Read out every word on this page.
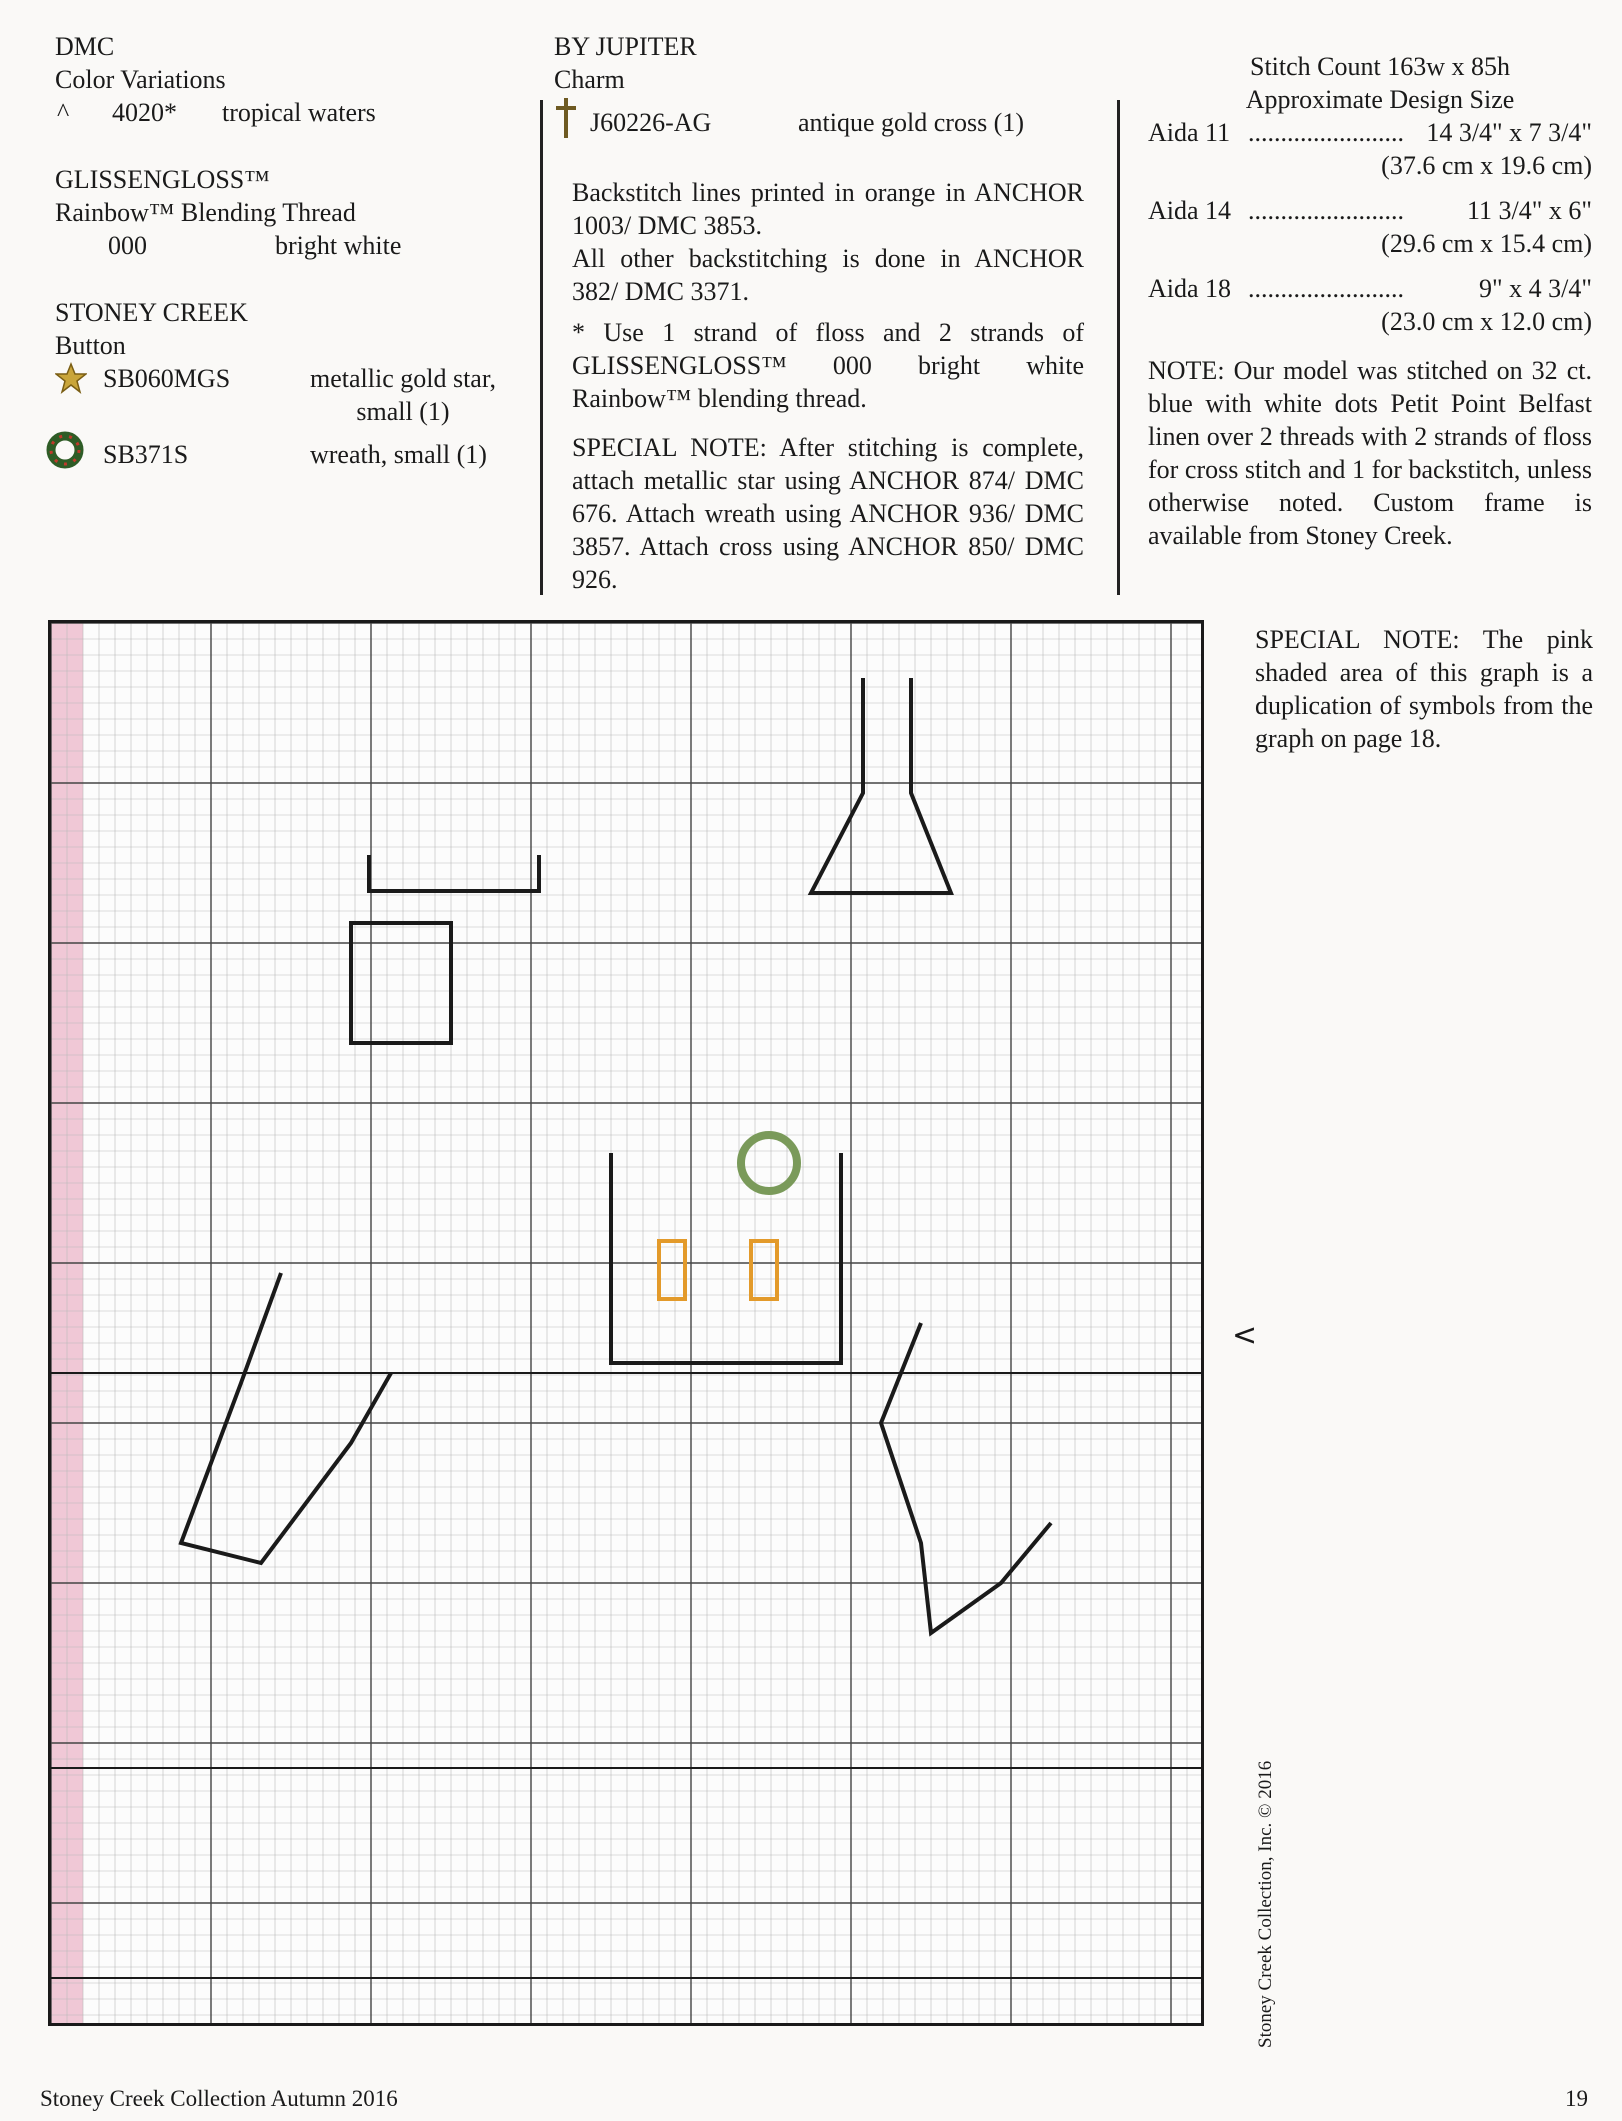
DMC
Color Variations
^	4020*	tropical waters
GLISSENGLOSS™
Rainbow™ Blending Thread
000	bright white
STONEY CREEK
Button
SB060MGS	metallic gold star,
small (1)
SB371S	wreath, small (1)
BY JUPITER
Charm
J60226-AG	antique gold cross (1)
Backstitch lines printed in orange in ANCHOR 1003/ DMC 3853.
All other backstitching is done in ANCHOR 382/ DMC 3371.
* Use 1 strand of floss and 2 strands of GLISSENGLOSS™ 000 bright white Rainbow™ blending thread.
SPECIAL NOTE: After stitching is complete, attach metallic star using ANCHOR 874/ DMC 676. Attach wreath using ANCHOR 936/ DMC 3857. Attach cross using ANCHOR 850/ DMC 926.
Stitch Count 163w x 85h
Approximate Design Size
Aida 11 ........................ 14 3/4" x 7 3/4"
(37.6 cm x 19.6 cm)
Aida 14 ........................	11 3/4" x 6"
(29.6 cm x 15.4 cm)
Aida 18 ........................	9" x 4 3/4"
(23.0 cm x 12.0 cm)
NOTE: Our model was stitched on 32 ct. blue with white dots Petit Point Belfast linen over 2 threads with 2 strands of floss for cross stitch and 1 for backstitch, unless otherwise noted. Custom frame is available from Stoney Creek.
SPECIAL NOTE: The pink shaded area of this graph is a duplication of symbols from the graph on page 18.
<
Stoney Creek Collection, Inc. © 2016
Stoney Creek Collection Autumn 2016	19
